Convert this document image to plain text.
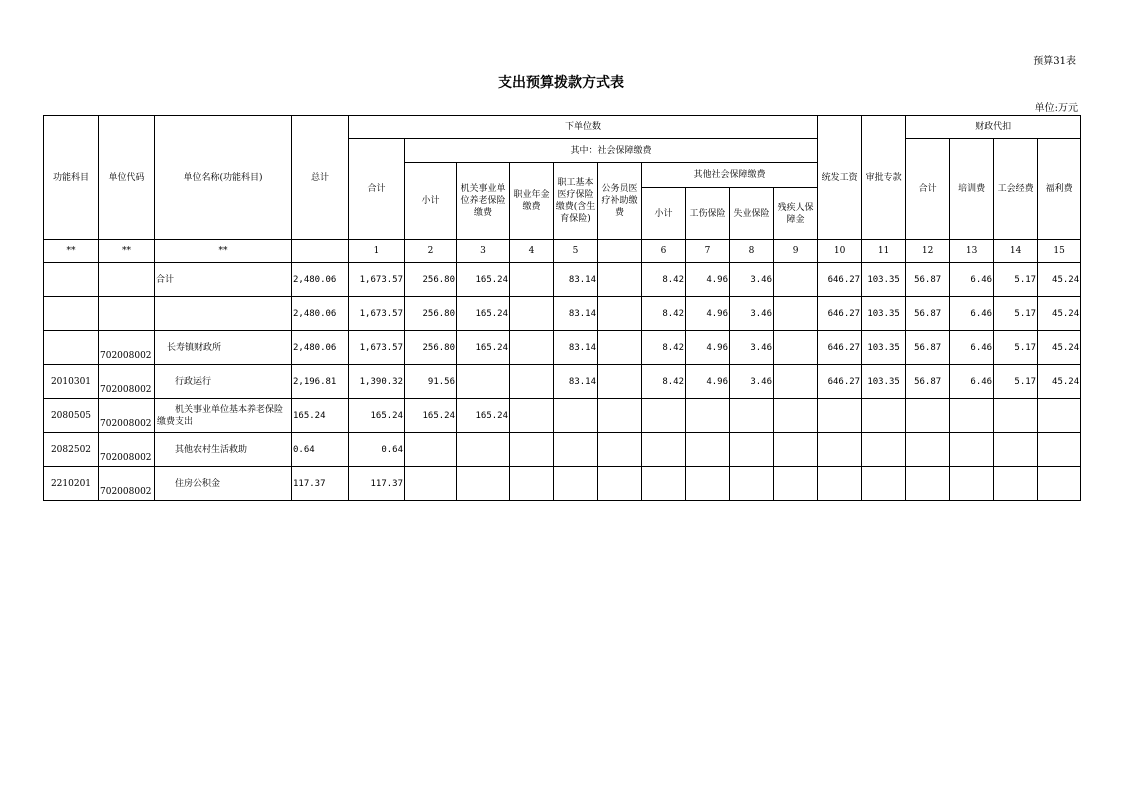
预算31表
支出预算拨款方式表
单位:万元
功能科目	单位代码	单位名称(功能科目)	总计	下单位数										统发工资	审批专款	财政代扣			
				合计	其中：社会保障缴费											合计	培训费	工会经费	福利费
					小计	机关事业单位养老保险缴费	职业年金缴费	职工基本医疗保险缴费(含生育保险)	公务员医疗补助缴费	其他社会保障缴费									
										小计	工伤保险	失业保险	残疾人保障金						
**	**	**		1	2	3	4	5		6	7	8	9	10	11	12	13	14	15
		合计	2,480.06	1,673.57	256.80	165.24		83.14		8.42	4.96	3.46		646.27	103.35	56.87	6.46	5.17	45.24
			2,480.06	1,673.57	256.80	165.24		83.14		8.42	4.96	3.46		646.27	103.35	56.87	6.46	5.17	45.24
	702008002	长寿镇财政所	2,480.06	1,673.57	256.80	165.24		83.14		8.42	4.96	3.46		646.27	103.35	56.87	6.46	5.17	45.24
2010301	702008002	行政运行	2,196.81	1,390.32	91.56			83.14		8.42	4.96	3.46		646.27	103.35	56.87	6.46	5.17	45.24
2080505	702008002	机关事业单位基本养老保险缴费支出	165.24	165.24	165.24	165.24													
2082502	702008002	其他农村生活救助	0.64	0.64															
2210201	702008002	住房公积金	117.37	117.37															
